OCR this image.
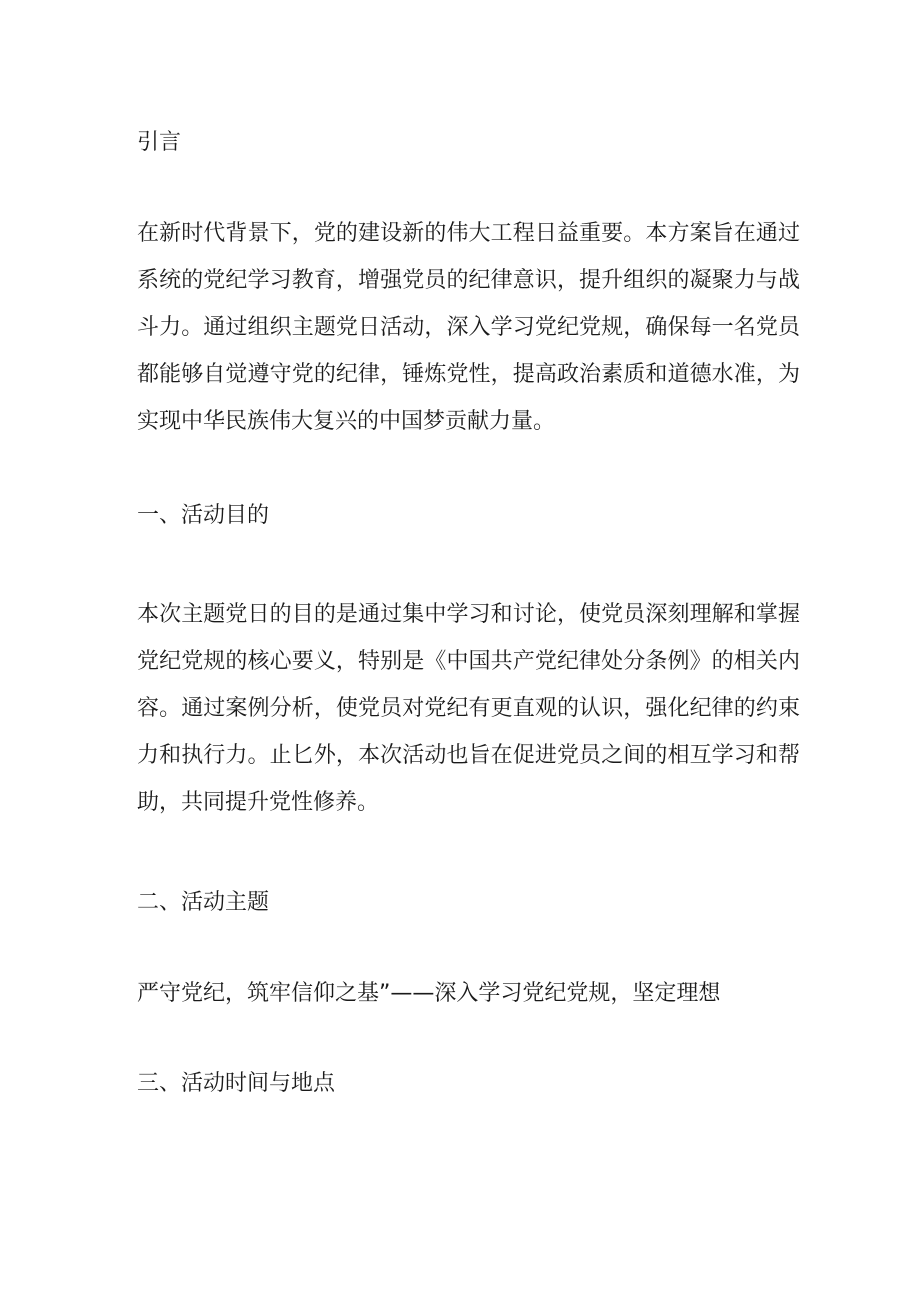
引言

在新时代背景下，党的建设新的伟大工程日益重要。本方案旨在通过系统的党纪学习教育，增强党员的纪律意识，提升组织的凝聚力与战斗力。通过组织主题党日活动，深入学习党纪党规，确保每一名党员都能够自觉遵守党的纪律，锤炼党性，提高政治素质和道德水准，为实现中华民族伟大复兴的中国梦贡献力量。

一、活动目的

本次主题党日的目的是通过集中学习和讨论，使党员深刻理解和掌握党纪党规的核心要义，特别是《中国共产党纪律处分条例》的相关内容。通过案例分析，使党员对党纪有更直观的认识，强化纪律的约束力和执行力。止匕外，本次活动也旨在促进党员之间的相互学习和帮助，共同提升党性修养。

二、活动主题

严守党纪，筑牢信仰之基”——深入学习党纪党规，坚定理想

三、活动时间与地点
